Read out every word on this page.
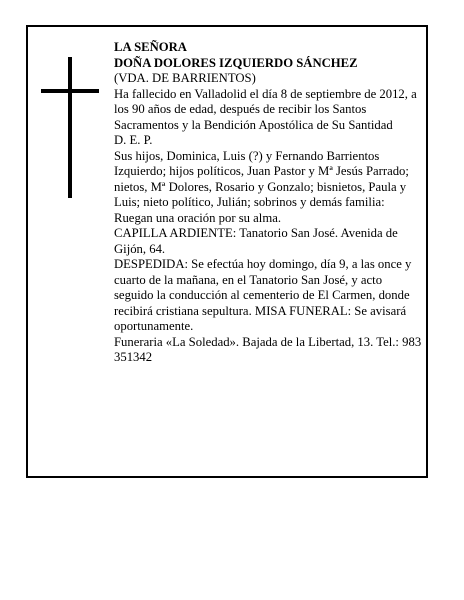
LA SEÑORA

DOÑA DOLORES IZQUIERDO SÁNCHEZ

(VDA. DE BARRIENTOS)

Ha fallecido en Valladolid el día 8 de septiembre de 2012, a los 90 años de edad, después de recibir los Santos Sacramentos y la Bendición Apostólica de Su Santidad

D. E. P.

Sus hijos, Dominica, Luis (?) y Fernando Barrientos Izquierdo; hijos políticos, Juan Pastor y Mª Jesús Parrado; nietos, Mª Dolores, Rosario y Gonzalo; bisnietos, Paula y Luis; nieto político, Julián; sobrinos y demás familia:

Ruegan una oración por su alma.

CAPILLA ARDIENTE: Tanatorio San José. Avenida de Gijón, 64.

DESPEDIDA: Se efectúa hoy domingo, día 9, a las once y cuarto de la mañana, en el Tanatorio San José, y acto seguido la conducción al cementerio de El Carmen, donde recibirá cristiana sepultura. MISA FUNERAL: Se avisará oportunamente.

Funeraria «La Soledad». Bajada de la Libertad, 13. Tel.: 983 351342
